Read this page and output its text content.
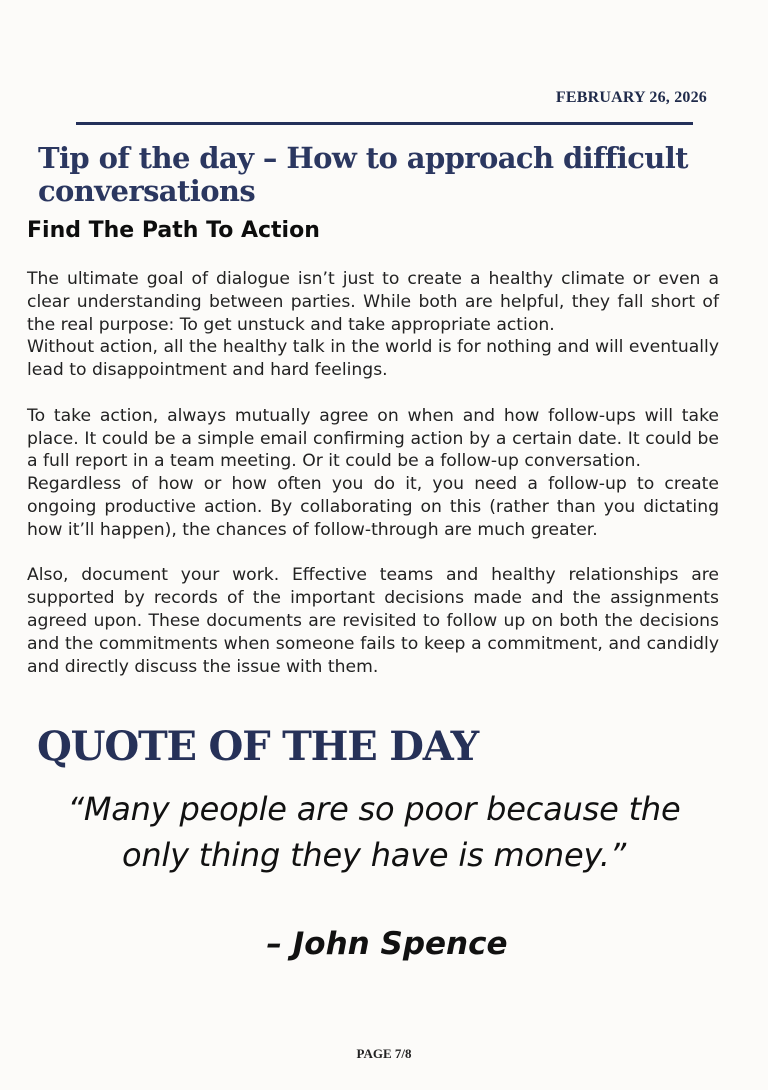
FEBRUARY 26, 2026
Tip of the day – How to approach difficult conversations
Find The Path To Action

The ultimate goal of dialogue isn’t just to create a healthy climate or even a clear understanding between parties. While both are helpful, they fall short of the real purpose: To get unstuck and take appropriate action.

Without action, all the healthy talk in the world is for nothing and will eventually lead to disappointment and hard feelings.

To take action, always mutually agree on when and how follow-ups will take place. It could be a simple email confirming action by a certain date. It could be a full report in a team meeting. Or it could be a follow-up conversation.

Regardless of how or how often you do it, you need a follow-up to create ongoing productive action. By collaborating on this (rather than you dictating how it’ll happen), the chances of follow-through are much greater.

Also, document your work. Effective teams and healthy relationships are supported by records of the important decisions made and the assignments agreed upon. These documents are revisited to follow up on both the decisions and the commitments when someone fails to keep a commitment, and candidly and directly discuss the issue with them.

QUOTE OF THE DAY
“Many people are so poor because the only thing they have is money.”
– John Spence
PAGE 7/8
